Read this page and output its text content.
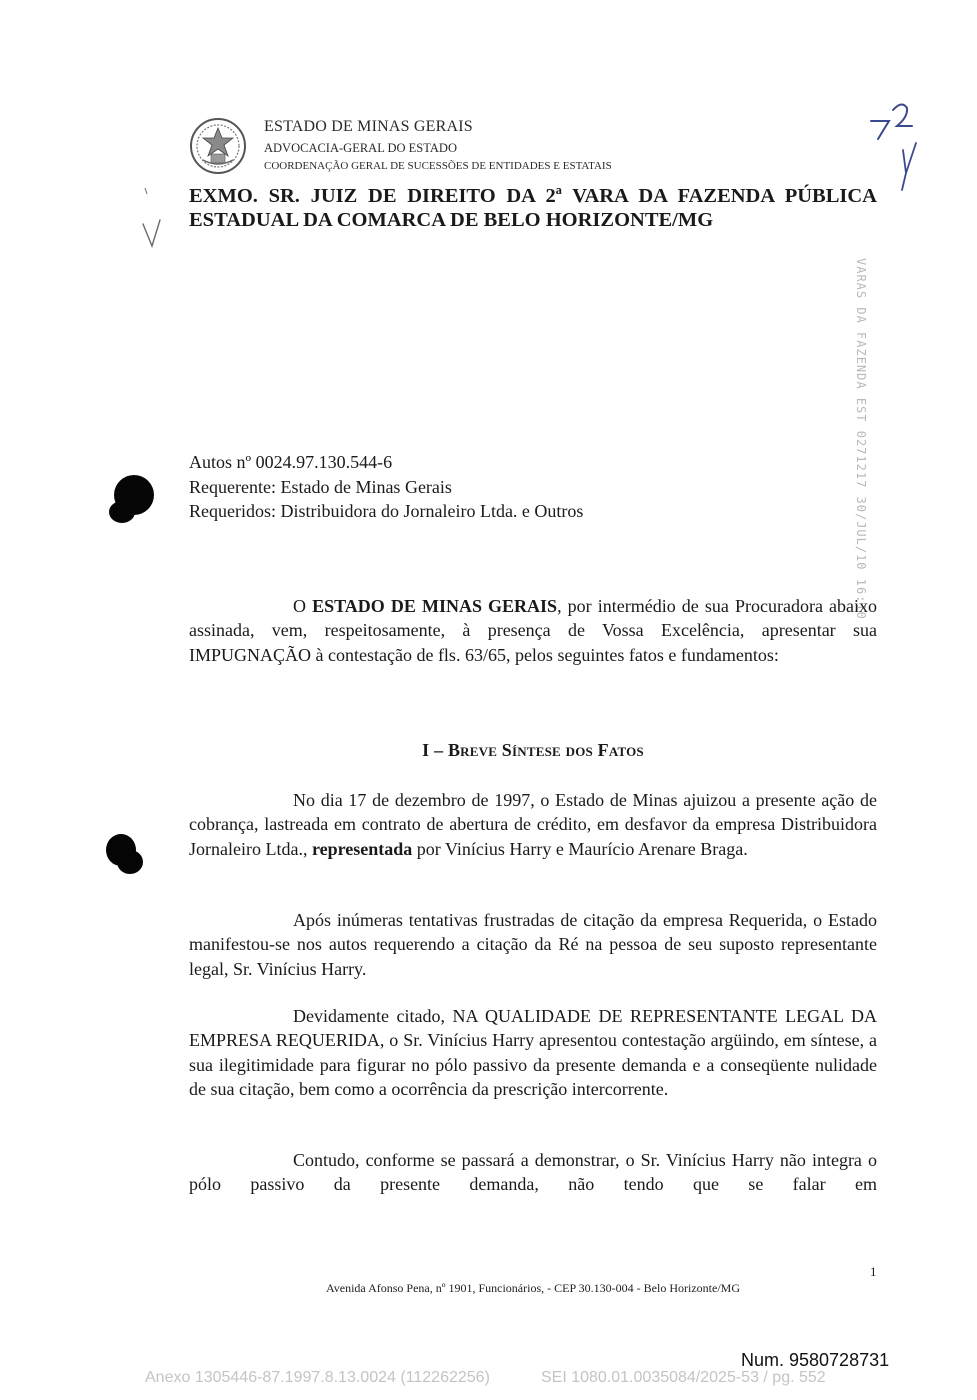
ESTADO DE MINAS GERAIS
ADVOCACIA-GERAL DO ESTADO
COORDENAÇÃO GERAL DE SUCESSÕES DE ENTIDADES E ESTATAIS
EXMO. SR. JUIZ DE DIREITO DA 2ª VARA DA FAZENDA PÚBLICA
ESTADUAL DA COMARCA DE BELO HORIZONTE/MG
VARAS DA FAZENDA EST 0271217 30/JUL/10 16:10
Autos nº 0024.97.130.544-6
Requerente: Estado de Minas Gerais
Requeridos: Distribuidora do Jornaleiro Ltda. e Outros
O ESTADO DE MINAS GERAIS, por intermédio de sua Procuradora abaixo assinada, vem, respeitosamente, à presença de Vossa Excelência, apresentar sua IMPUGNAÇÃO à contestação de fls. 63/65, pelos seguintes fatos e fundamentos:
I – Breve Síntese dos Fatos
No dia 17 de dezembro de 1997, o Estado de Minas ajuizou a presente ação de cobrança, lastreada em contrato de abertura de crédito, em desfavor da empresa Distribuidora Jornaleiro Ltda., representada por Vinícius Harry e Maurício Arenare Braga.
Após inúmeras tentativas frustradas de citação da empresa Requerida, o Estado manifestou-se nos autos requerendo a citação da Ré na pessoa de seu suposto representante legal, Sr. Vinícius Harry.
Devidamente citado, NA QUALIDADE DE REPRESENTANTE LEGAL DA EMPRESA REQUERIDA, o Sr. Vinícius Harry apresentou contestação argüindo, em síntese, a sua ilegitimidade para figurar no pólo passivo da presente demanda e a conseqüente nulidade de sua citação, bem como a ocorrência da prescrição intercorrente.
Contudo, conforme se passará a demonstrar, o Sr. Vinícius Harry não integra o pólo passivo da presente demanda, não tendo que se falar em
1
Avenida Afonso Pena, nº 1901, Funcionários, - CEP 30.130-004 - Belo Horizonte/MG
Num. 9580728731
Anexo 1305446-87.1997.8.13.0024 (112262256)	SEI 1080.01.0035084/2025-53 / pg. 552
